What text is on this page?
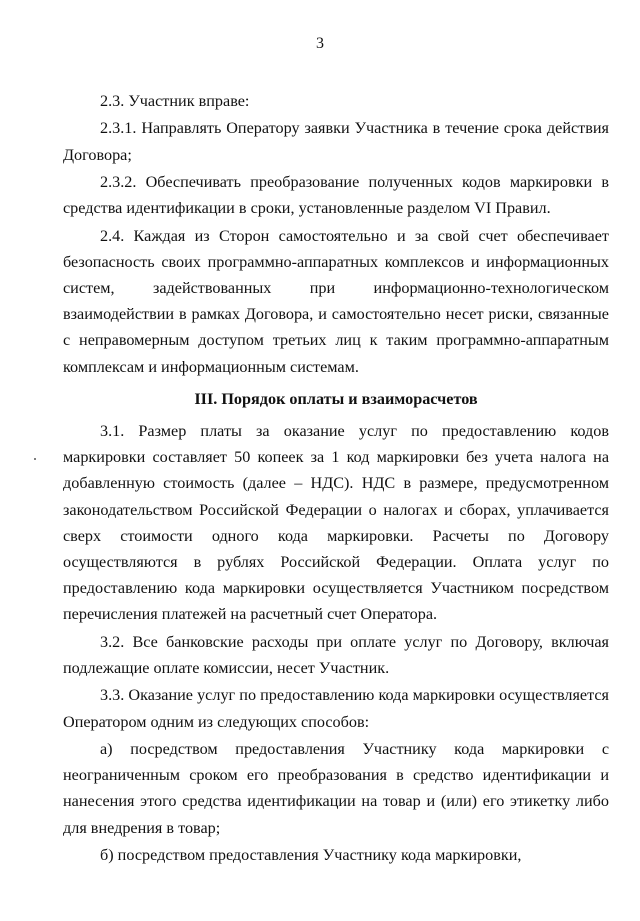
3

2.3. Участник вправе:

2.3.1. Направлять Оператору заявки Участника в течение срока действия Договора;

2.3.2. Обеспечивать преобразование полученных кодов маркировки в средства идентификации в сроки, установленные разделом VI Правил.

2.4. Каждая из Сторон самостоятельно и за свой счет обеспечивает безопасность своих программно-аппаратных комплексов и информационных систем, задействованных при информационно-технологическом взаимодействии в рамках Договора, и самостоятельно несет риски, связанные с неправомерным доступом третьих лиц к таким программно-аппаратным комплексам и информационным системам.

III. Порядок оплаты и взаиморасчетов

3.1. Размер платы за оказание услуг по предоставлению кодов маркировки составляет 50 копеек за 1 код маркировки без учета налога на добавленную стоимость (далее – НДС). НДС в размере, предусмотренном законодательством Российской Федерации о налогах и сборах, уплачивается сверх стоимости одного кода маркировки. Расчеты по Договору осуществляются в рублях Российской Федерации. Оплата услуг по предоставлению кода маркировки осуществляется Участником посредством перечисления платежей на расчетный счет Оператора.

3.2. Все банковские расходы при оплате услуг по Договору, включая подлежащие оплате комиссии, несет Участник.

3.3. Оказание услуг по предоставлению кода маркировки осуществляется Оператором одним из следующих способов:

а) посредством предоставления Участнику кода маркировки с неограниченным сроком его преобразования в средство идентификации и нанесения этого средства идентификации на товар и (или) его этикетку либо для внедрения в товар;

б) посредством предоставления Участнику кода маркировки,
